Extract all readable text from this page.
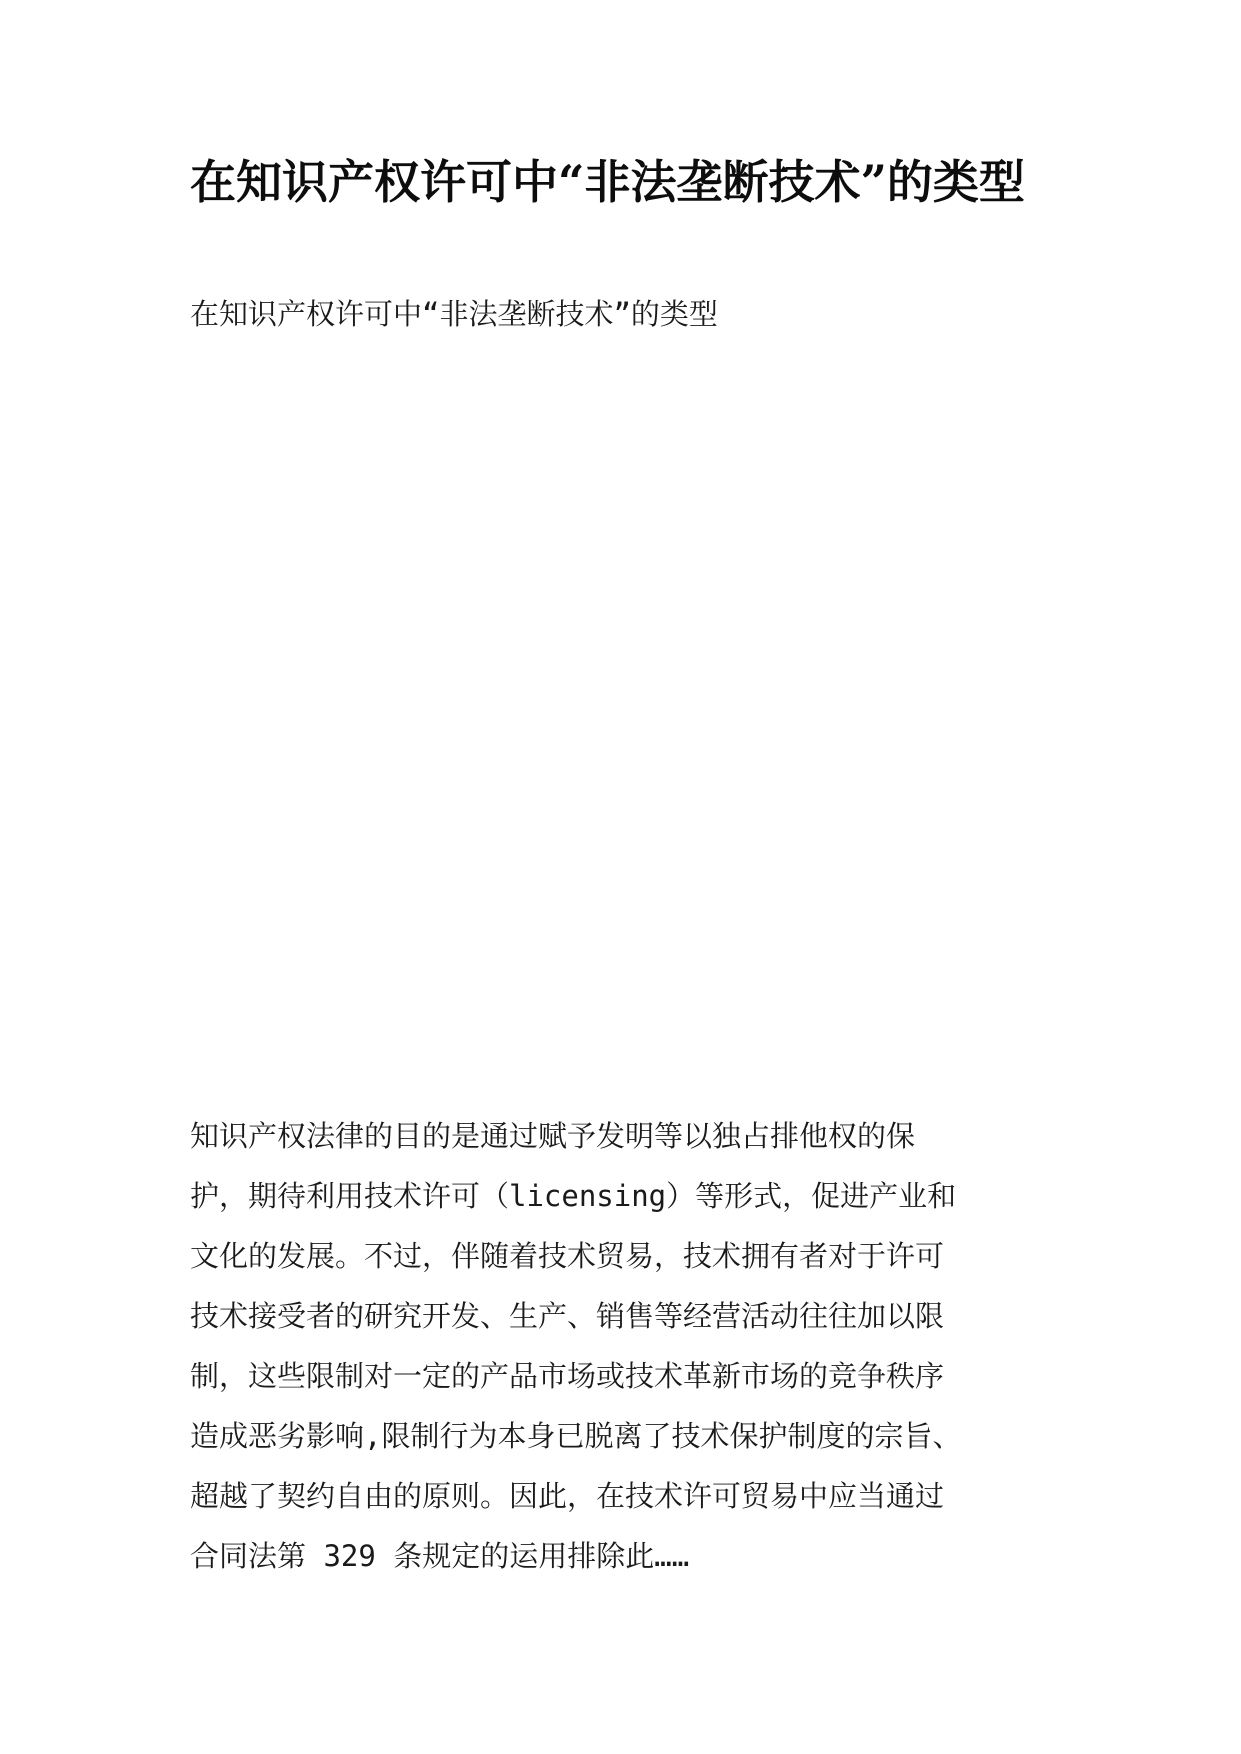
在知识产权许可中“非法垄断技术”的类型

在知识产权许可中“非法垄断技术”的类型

知识产权法律的目的是通过赋予发明等以独占排他权的保
护，期待利用技术许可（licensing）等形式，促进产业和
文化的发展。不过，伴随着技术贸易，技术拥有者对于许可
技术接受者的研究开发、生产、销售等经营活动往往加以限
制，这些限制对一定的产品市场或技术革新市场的竞争秩序
造成恶劣影响,限制行为本身已脱离了技术保护制度的宗旨、
超越了契约自由的原则。因此，在技术许可贸易中应当通过
合同法第 329 条规定的运用排除此……
